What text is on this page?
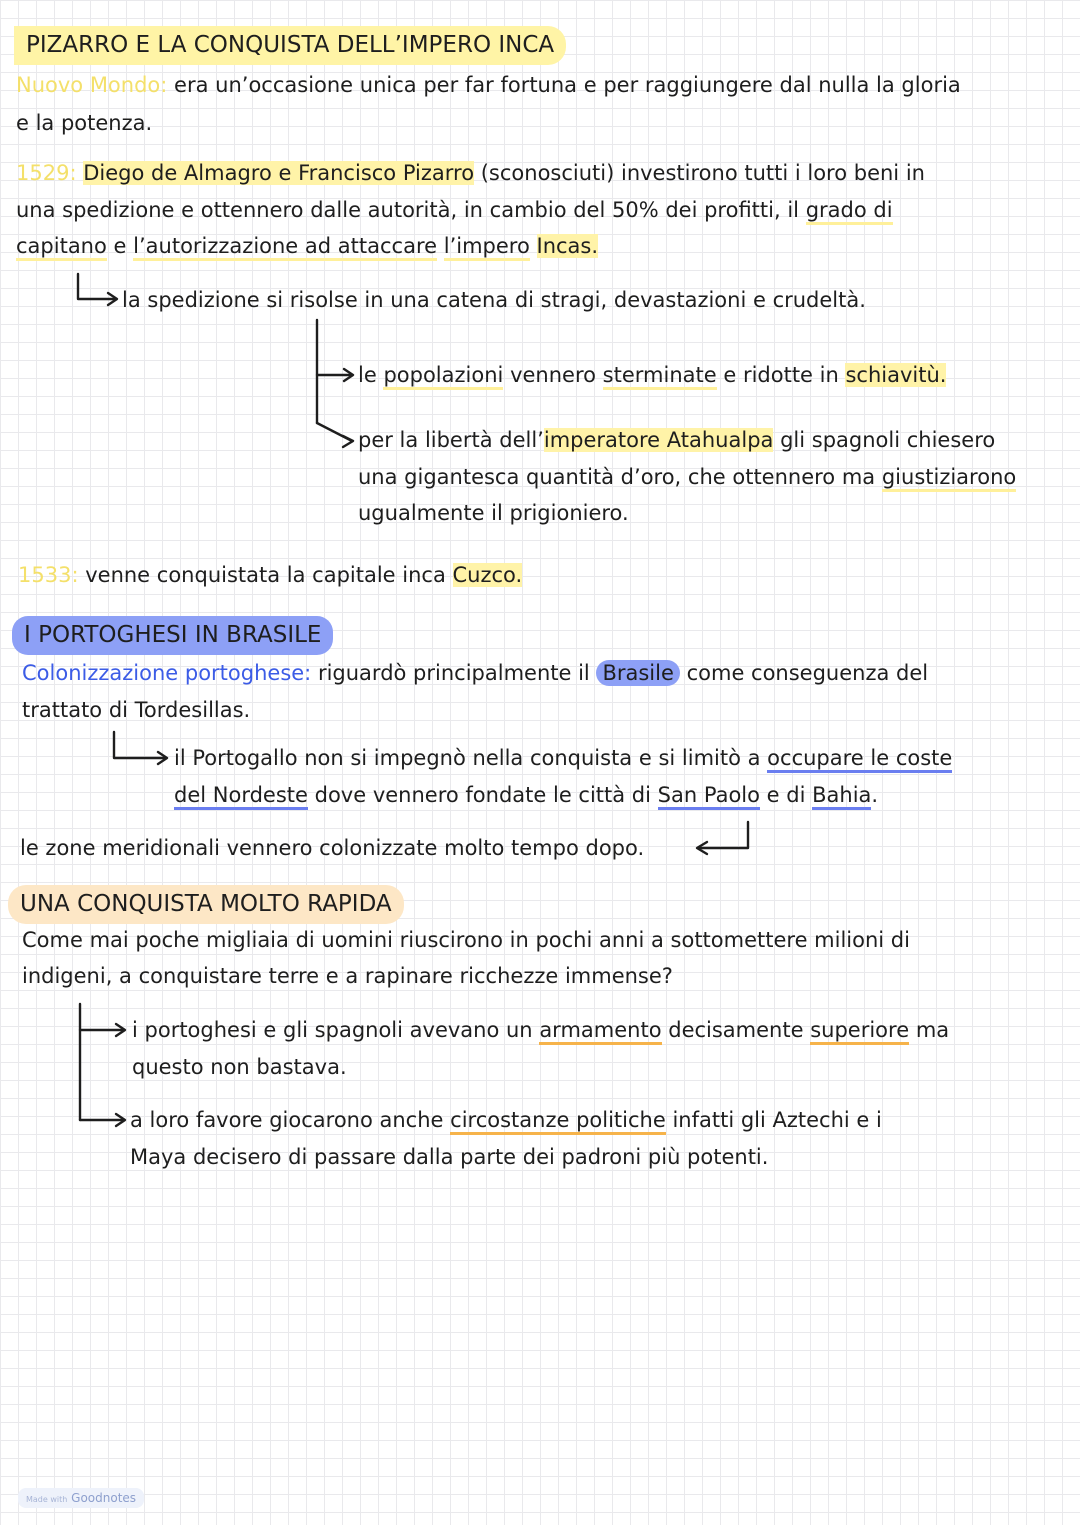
PIZARRO E LA CONQUISTA DELL’IMPERO INCA
Nuovo Mondo: era un’occasione unica per far fortuna e per raggiungere dal nulla la gloria
e la potenza.
1529: Diego de Almagro e Francisco Pizarro (sconosciuti) investirono tutti i loro beni in
una spedizione e ottennero dalle autorità, in cambio del 50% dei profitti, il grado di
capitano e l’autorizzazione ad attaccare l’impero Incas.
la spedizione si risolse in una catena di stragi, devastazioni e crudeltà.
le popolazioni vennero sterminate e ridotte in schiavitù.
per la libertà dell’imperatore Atahualpa gli spagnoli chiesero
una gigantesca quantità d’oro, che ottennero ma giustiziarono
ugualmente il prigioniero.
1533: venne conquistata la capitale inca Cuzco.
I PORTOGHESI IN BRASILE
Colonizzazione portoghese: riguardò principalmente il Brasile come conseguenza del
trattato di Tordesillas.
il Portogallo non si impegnò nella conquista e si limitò a occupare le coste
del Nordeste dove vennero fondate le città di San Paolo e di Bahia.
le zone meridionali vennero colonizzate molto tempo dopo.
UNA CONQUISTA MOLTO RAPIDA
Come mai poche migliaia di uomini riuscirono in pochi anni a sottomettere milioni di
indigeni, a conquistare terre e a rapinare ricchezze immense?
i portoghesi e gli spagnoli avevano un armamento decisamente superiore ma
questo non bastava.
a loro favore giocarono anche circostanze politiche infatti gli Aztechi e i
Maya decisero di passare dalla parte dei padroni più potenti.
Made with Goodnotes
